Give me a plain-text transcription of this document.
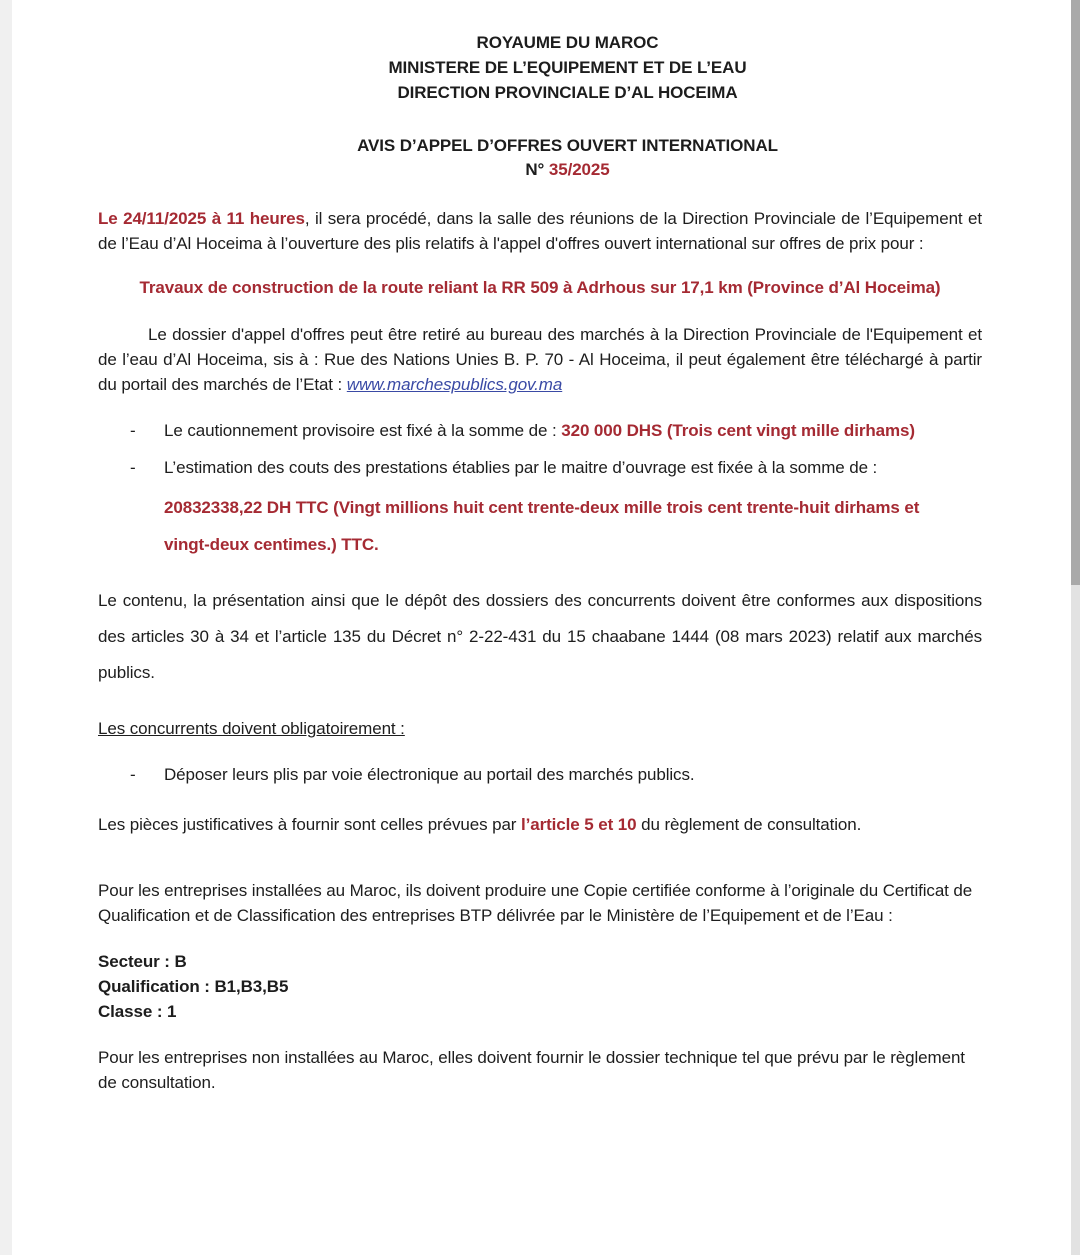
ROYAUME DU MAROC
MINISTERE DE L’EQUIPEMENT ET DE L’EAU
DIRECTION PROVINCIALE D’AL HOCEIMA
AVIS D’APPEL D’OFFRES OUVERT INTERNATIONAL
N° 35/2025

Le 24/11/2025 à 11 heures, il sera procédé, dans la salle des réunions de la Direction Provinciale de l’Equipement et de l’Eau d’Al Hoceima à l’ouverture des plis relatifs à l'appel d'offres ouvert international sur offres de prix pour :

Travaux de construction de la route reliant la RR 509 à Adrhous sur 17,1 km (Province d’Al Hoceima)

Le dossier d'appel d'offres peut être retiré au bureau des marchés à la Direction Provinciale de l'Equipement et de l’eau d’Al Hoceima, sis à : Rue des Nations Unies B. P. 70 - Al Hoceima, il peut également être téléchargé à partir du portail des marchés de l’Etat : www.marchespublics.gov.ma

-	Le cautionnement provisoire est fixé à la somme de : 320 000 DHS (Trois cent vingt mille dirhams)
-	L’estimation des couts des prestations établies par le maitre d’ouvrage est fixée à la somme de :
20832338,22 DH TTC (Vingt millions huit cent trente-deux mille trois cent trente-huit dirhams et vingt-deux centimes.) TTC.

Le contenu, la présentation ainsi que le dépôt des dossiers des concurrents doivent être conformes aux dispositions des articles 30 à 34 et l’article 135 du Décret n° 2-22-431 du 15 chaabane 1444 (08 mars 2023) relatif aux marchés publics.

Les concurrents doivent obligatoirement :

-	Déposer leurs plis par voie électronique au portail des marchés publics.

Les pièces justificatives à fournir sont celles prévues par l’article 5 et 10 du règlement de consultation.

Pour les entreprises installées au Maroc, ils doivent produire une Copie certifiée conforme à l’originale du Certificat de Qualification et de Classification des entreprises BTP délivrée par le Ministère de l’Equipement et de l’Eau :

Secteur : B
Qualification : B1,B3,B5
Classe : 1

Pour les entreprises non installées au Maroc, elles doivent fournir le dossier technique tel que prévu par le règlement de consultation.
